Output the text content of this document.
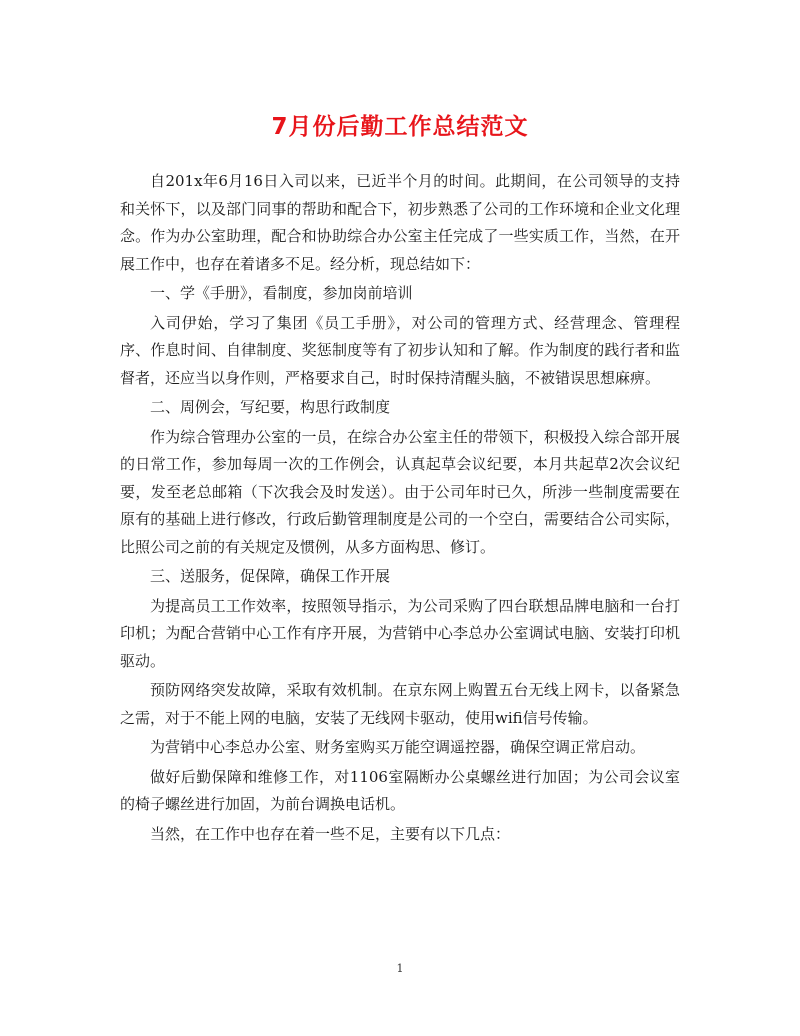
7月份后勤工作总结范文

自201x年6月16日入司以来，已近半个月的时间。此期间，在公司领导的支持和关怀下，以及部门同事的帮助和配合下，初步熟悉了公司的工作环境和企业文化理念。作为办公室助理，配合和协助综合办公室主任完成了一些实质工作，当然，在开展工作中，也存在着诸多不足。经分析，现总结如下：

一、学《手册》，看制度，参加岗前培训

入司伊始，学习了集团《员工手册》，对公司的管理方式、经营理念、管理程序、作息时间、自律制度、奖惩制度等有了初步认知和了解。作为制度的践行者和监督者，还应当以身作则，严格要求自己，时时保持清醒头脑，不被错误思想麻痹。

二、周例会，写纪要，构思行政制度

作为综合管理办公室的一员，在综合办公室主任的带领下，积极投入综合部开展的日常工作，参加每周一次的工作例会，认真起草会议纪要，本月共起草2次会议纪要，发至老总邮箱（下次我会及时发送）。由于公司年时已久，所涉一些制度需要在原有的基础上进行修改，行政后勤管理制度是公司的一个空白，需要结合公司实际，比照公司之前的有关规定及惯例，从多方面构思、修订。

三、送服务，促保障，确保工作开展

为提高员工工作效率，按照领导指示，为公司采购了四台联想品牌电脑和一台打印机；为配合营销中心工作有序开展，为营销中心李总办公室调试电脑、安装打印机驱动。

预防网络突发故障，采取有效机制。在京东网上购置五台无线上网卡，以备紧急之需，对于不能上网的电脑，安装了无线网卡驱动，使用wifi信号传输。

为营销中心李总办公室、财务室购买万能空调遥控器，确保空调正常启动。

做好后勤保障和维修工作，对1106室隔断办公桌螺丝进行加固；为公司会议室的椅子螺丝进行加固，为前台调换电话机。

当然，在工作中也存在着一些不足，主要有以下几点：

1
